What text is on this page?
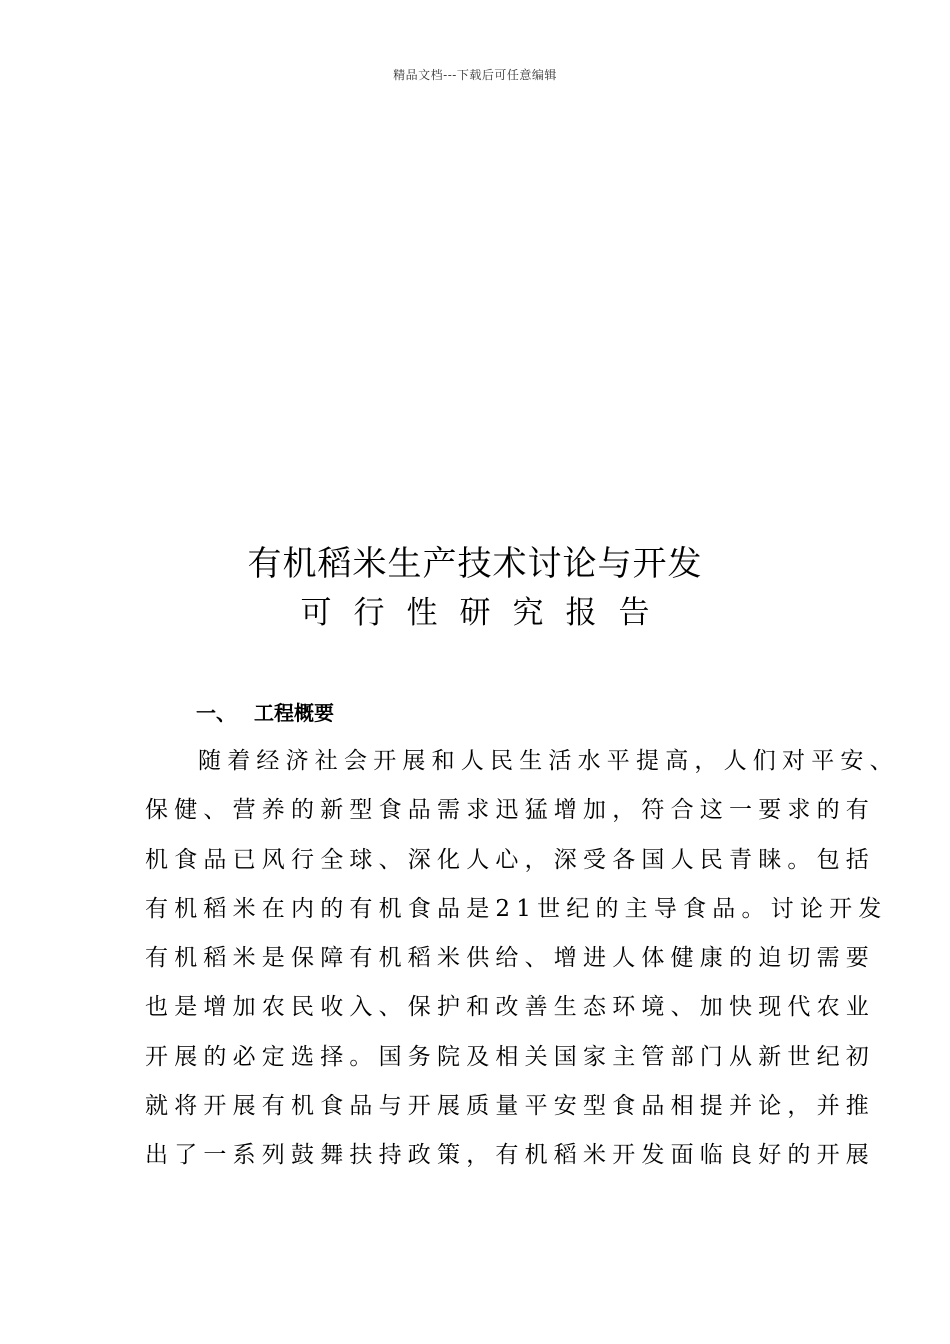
精品文档---下载后可任意编辑
有机稻米生产技术讨论与开发
可行性研究报告
一、 工程概要
随着经济社会开展和人民生活水平提高，人们对平安、
保健、营养的新型食品需求迅猛增加，符合这一要求的有
机食品已风行全球、深化人心，深受各国人民青睐。包括
有机稻米在内的有机食品是21世纪的主导食品。讨论开发
有机稻米是保障有机稻米供给、增进人体健康的迫切需要
也是增加农民收入、保护和改善生态环境、加快现代农业
开展的必定选择。国务院及相关国家主管部门从新世纪初
就将开展有机食品与开展质量平安型食品相提并论，并推
出了一系列鼓舞扶持政策，有机稻米开发面临良好的开展
